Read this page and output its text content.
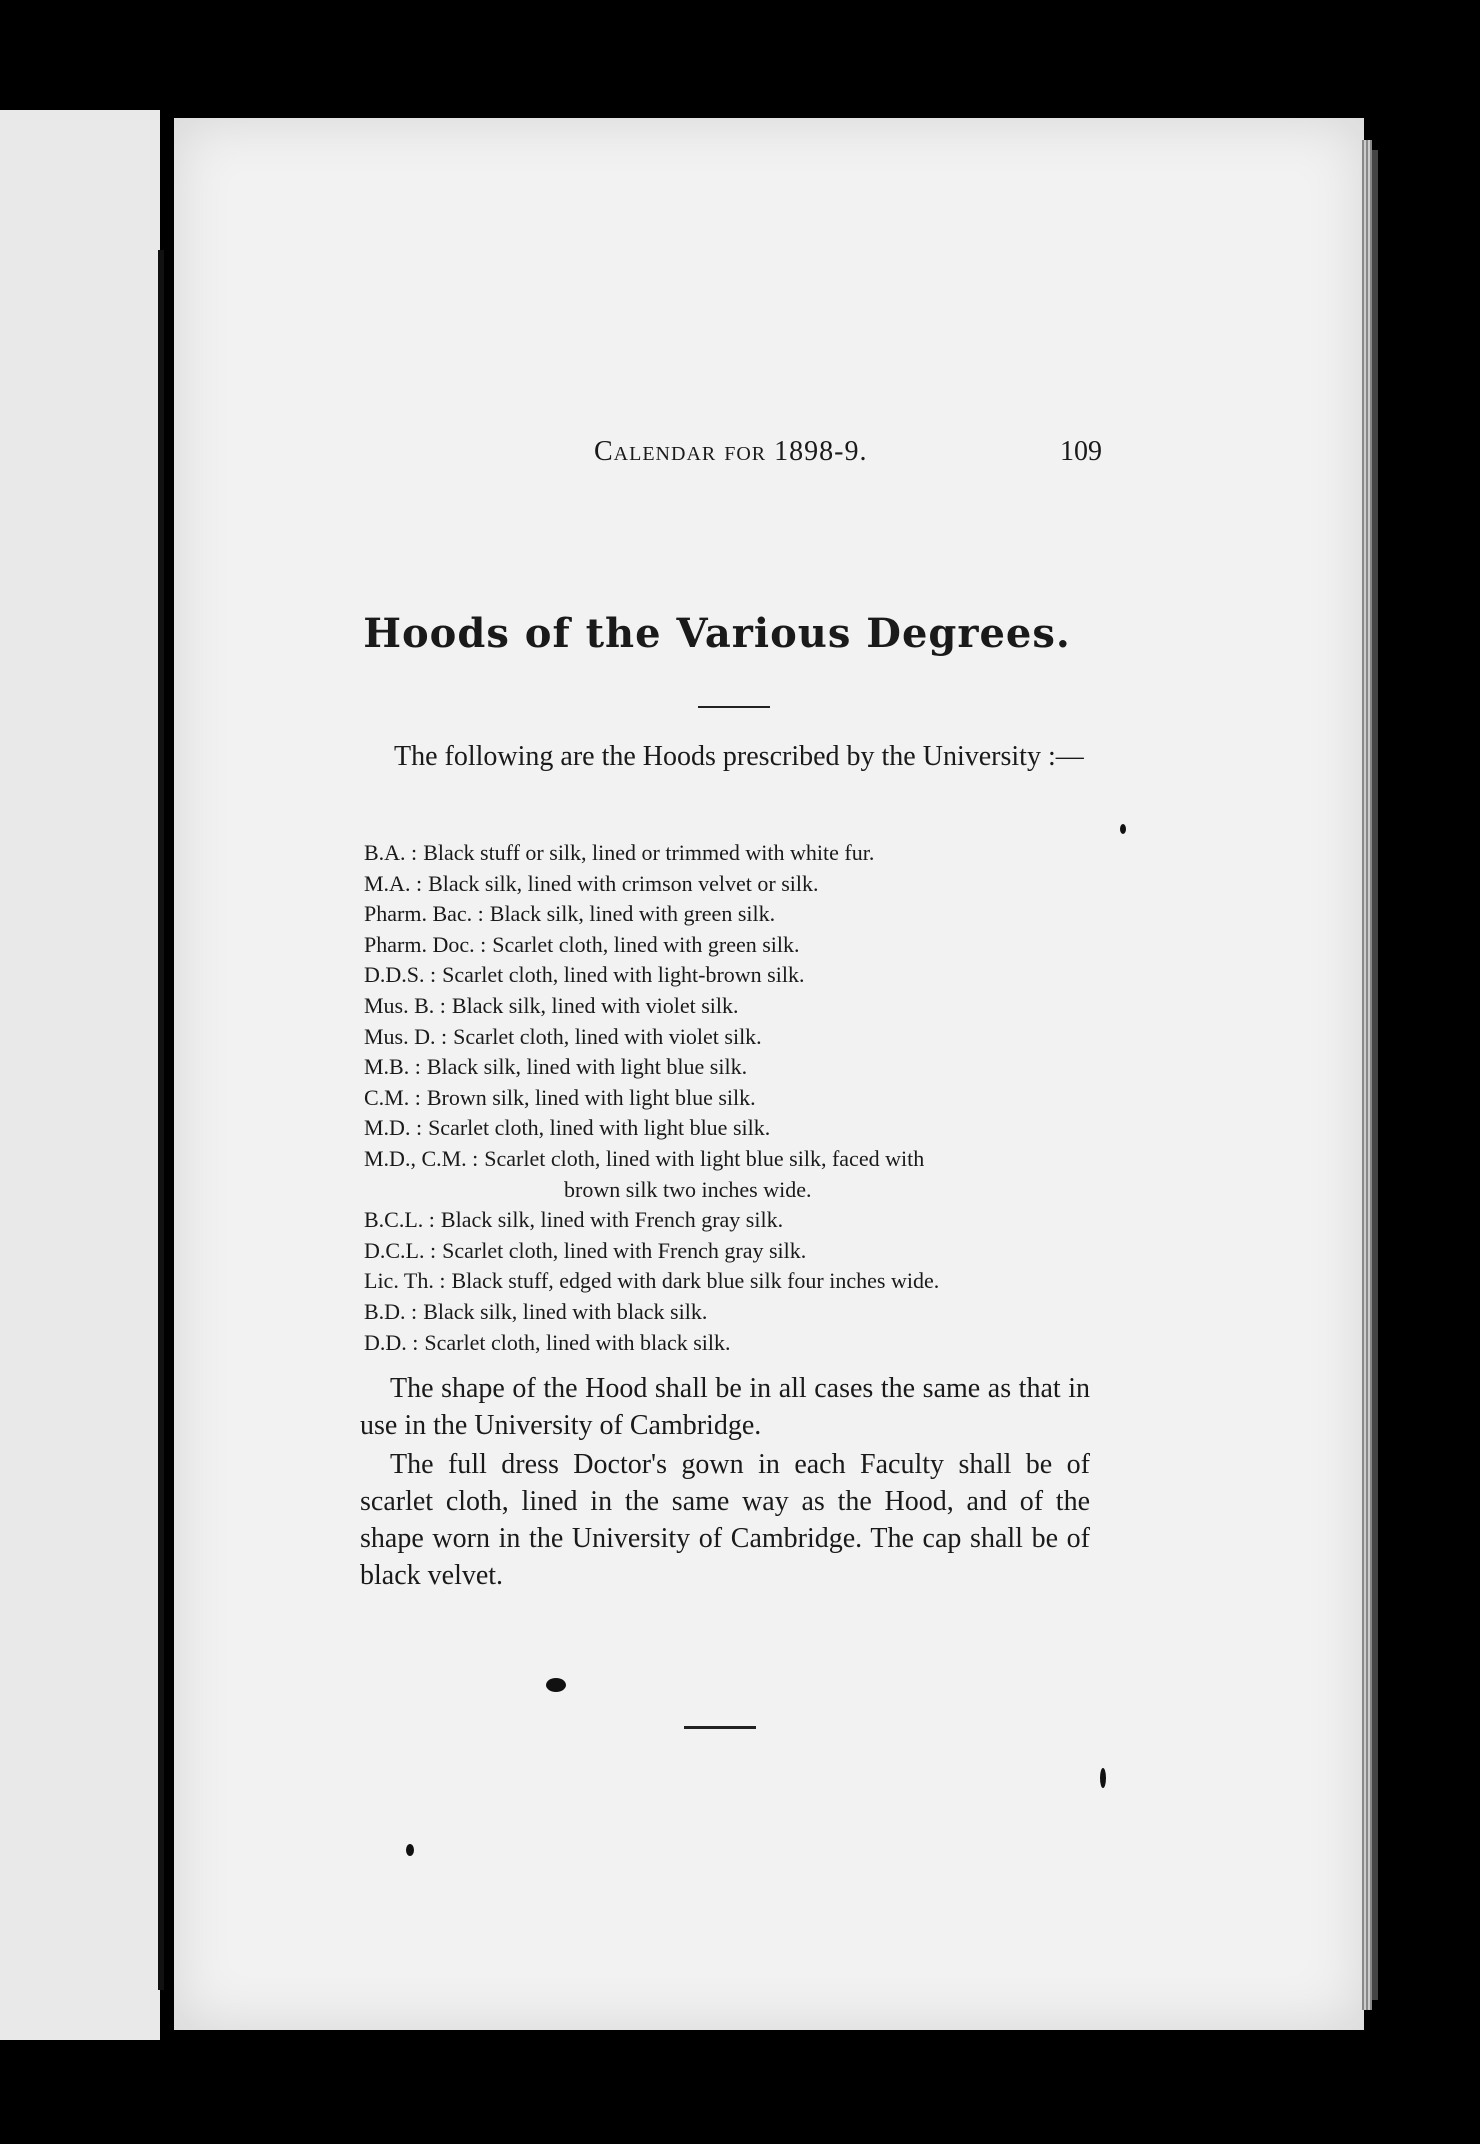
Calendar for 1898-9.	109
Hoods of the Various Degrees.
The following are the Hoods prescribed by the University :—
B.A. : Black stuff or silk, lined or trimmed with white fur.
M.A. : Black silk, lined with crimson velvet or silk.
Pharm. Bac. : Black silk, lined with green silk.
Pharm. Doc. : Scarlet cloth, lined with green silk.
D.D.S. : Scarlet cloth, lined with light-brown silk.
Mus. B. : Black silk, lined with violet silk.
Mus. D. : Scarlet cloth, lined with violet silk.
M.B. : Black silk, lined with light blue silk.
C.M. : Brown silk, lined with light blue silk.
M.D. : Scarlet cloth, lined with light blue silk.
M.D., C.M. : Scarlet cloth, lined with light blue silk, faced with
brown silk two inches wide.
B.C.L. : Black silk, lined with French gray silk.
D.C.L. : Scarlet cloth, lined with French gray silk.
Lic. Th. : Black stuff, edged with dark blue silk four inches wide.
B.D. : Black silk, lined with black silk.
D.D. : Scarlet cloth, lined with black silk.

The shape of the Hood shall be in all cases the same as that in use in the University of Cambridge.

The full dress Doctor's gown in each Faculty shall be of scarlet cloth, lined in the same way as the Hood, and of the shape worn in the University of Cambridge. The cap shall be of black velvet.
